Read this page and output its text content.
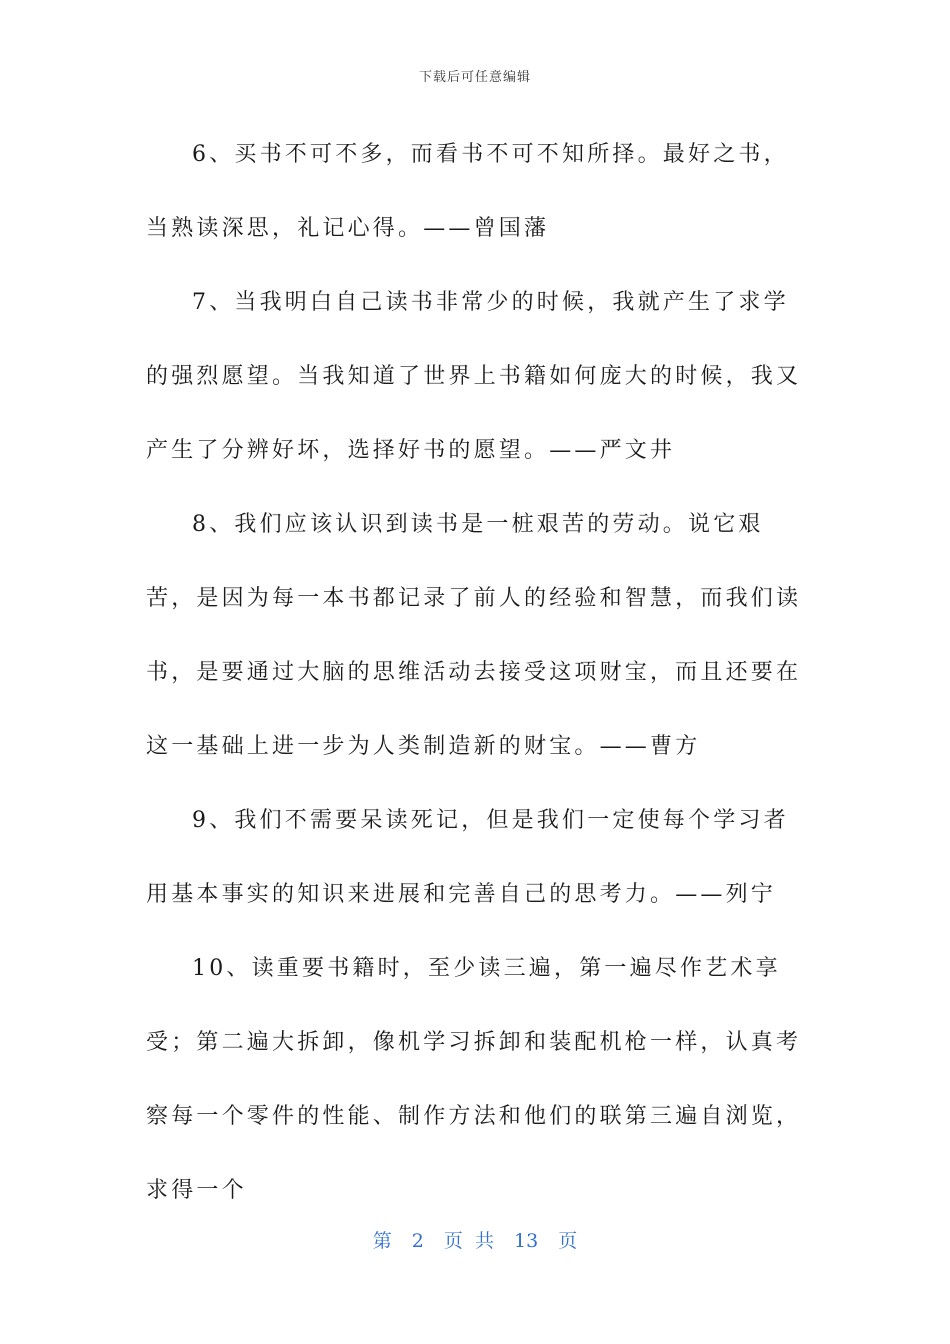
下载后可任意编辑

6、买书不可不多，而看书不可不知所择。最好之书，当熟读深思，礼记心得。——曾国藩

7、当我明白自己读书非常少的时候，我就产生了求学的强烈愿望。当我知道了世界上书籍如何庞大的时候，我又产生了分辨好坏，选择好书的愿望。——严文井

8、我们应该认识到读书是一桩艰苦的劳动。说它艰苦，是因为每一本书都记录了前人的经验和智慧，而我们读书，是要通过大脑的思维活动去接受这项财宝，而且还要在这一基础上进一步为人类制造新的财宝。——曹方

9、我们不需要呆读死记，但是我们一定使每个学习者用基本事实的知识来进展和完善自己的思考力。——列宁

10、读重要书籍时，至少读三遍，第一遍尽作艺术享受；第二遍大拆卸，像机学习拆卸和装配机枪一样，认真考察每一个零件的性能、制作方法和他们的联第三遍自浏览，求得一个

第 2 页 共 13 页
